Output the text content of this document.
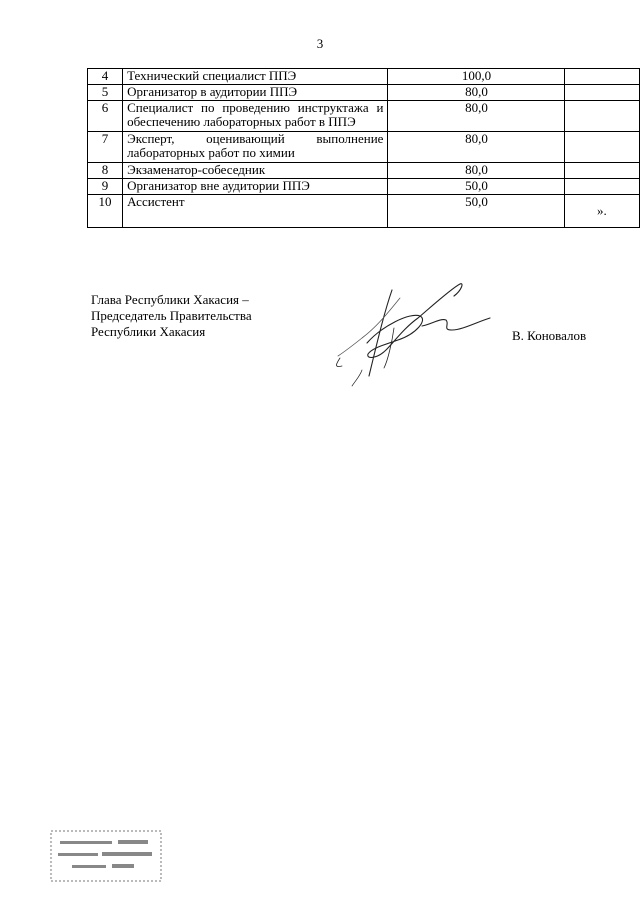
3
4	Технический специалист ППЭ	100,0	
5	Организатор в аудитории ППЭ	80,0	
6	Специалист по проведению инструктажа и обеспечению лабораторных работ в ППЭ	80,0	
7	Эксперт, оценивающий выполнение лабораторных работ по химии	80,0	
8	Экзаменатор-собеседник	80,0	
9	Организатор вне аудитории ППЭ	50,0	
10	Ассистент	50,0	
».
Глава Республики Хакасия –
Председатель Правительства
Республики Хакасия	В. Коновалов
